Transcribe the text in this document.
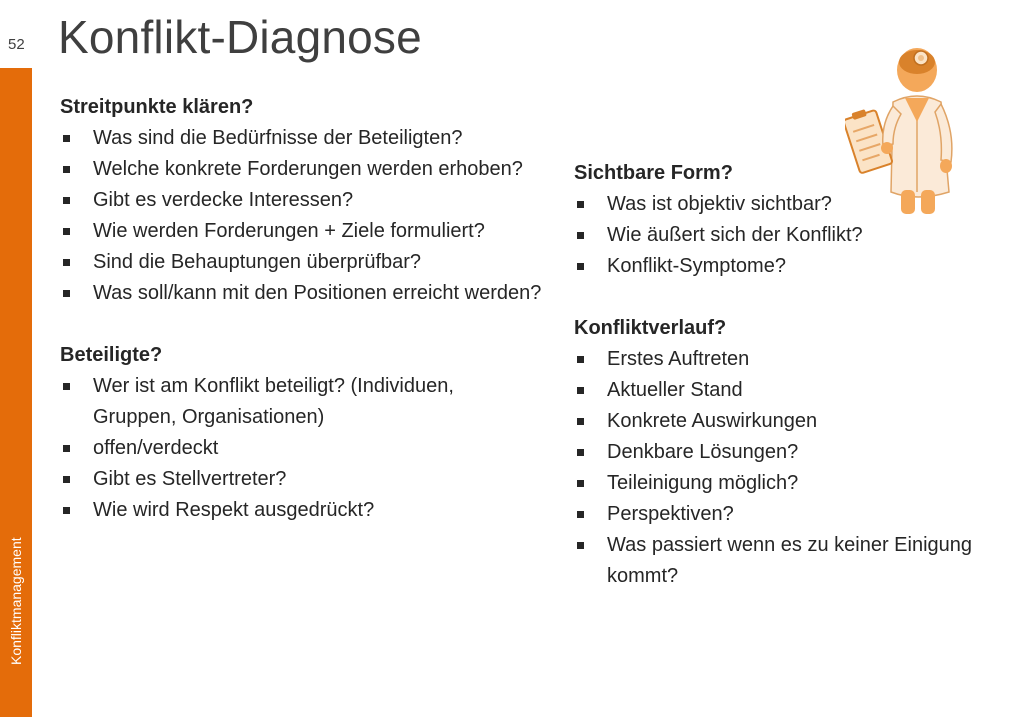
Konfliktmanagement
52 Konflikt-Diagnose

Streitpunkte klären?

Was sind die Bedürfnisse der Beteiligten?
Welche konkrete Forderungen werden erhoben?
Gibt es verdecke Interessen?
Wie werden Forderungen + Ziele formuliert?
Sind die Behauptungen überprüfbar?
Was soll/kann mit den Positionen erreicht werden?

Beteiligte?

Wer ist am Konflikt beteiligt? (Individuen, Gruppen, Organisationen)
offen/verdeckt
Gibt es Stellvertreter?
Wie wird Respekt ausgedrückt?

Sichtbare Form?

Was ist objektiv sichtbar?
Wie äußert sich der Konflikt?
Konflikt-Symptome?

Konfliktverlauf?

Erstes Auftreten
Aktueller Stand
Konkrete Auswirkungen
Denkbare Lösungen?
Teileinigung möglich?
Perspektiven?
Was passiert wenn es zu keiner Einigung kommt?
